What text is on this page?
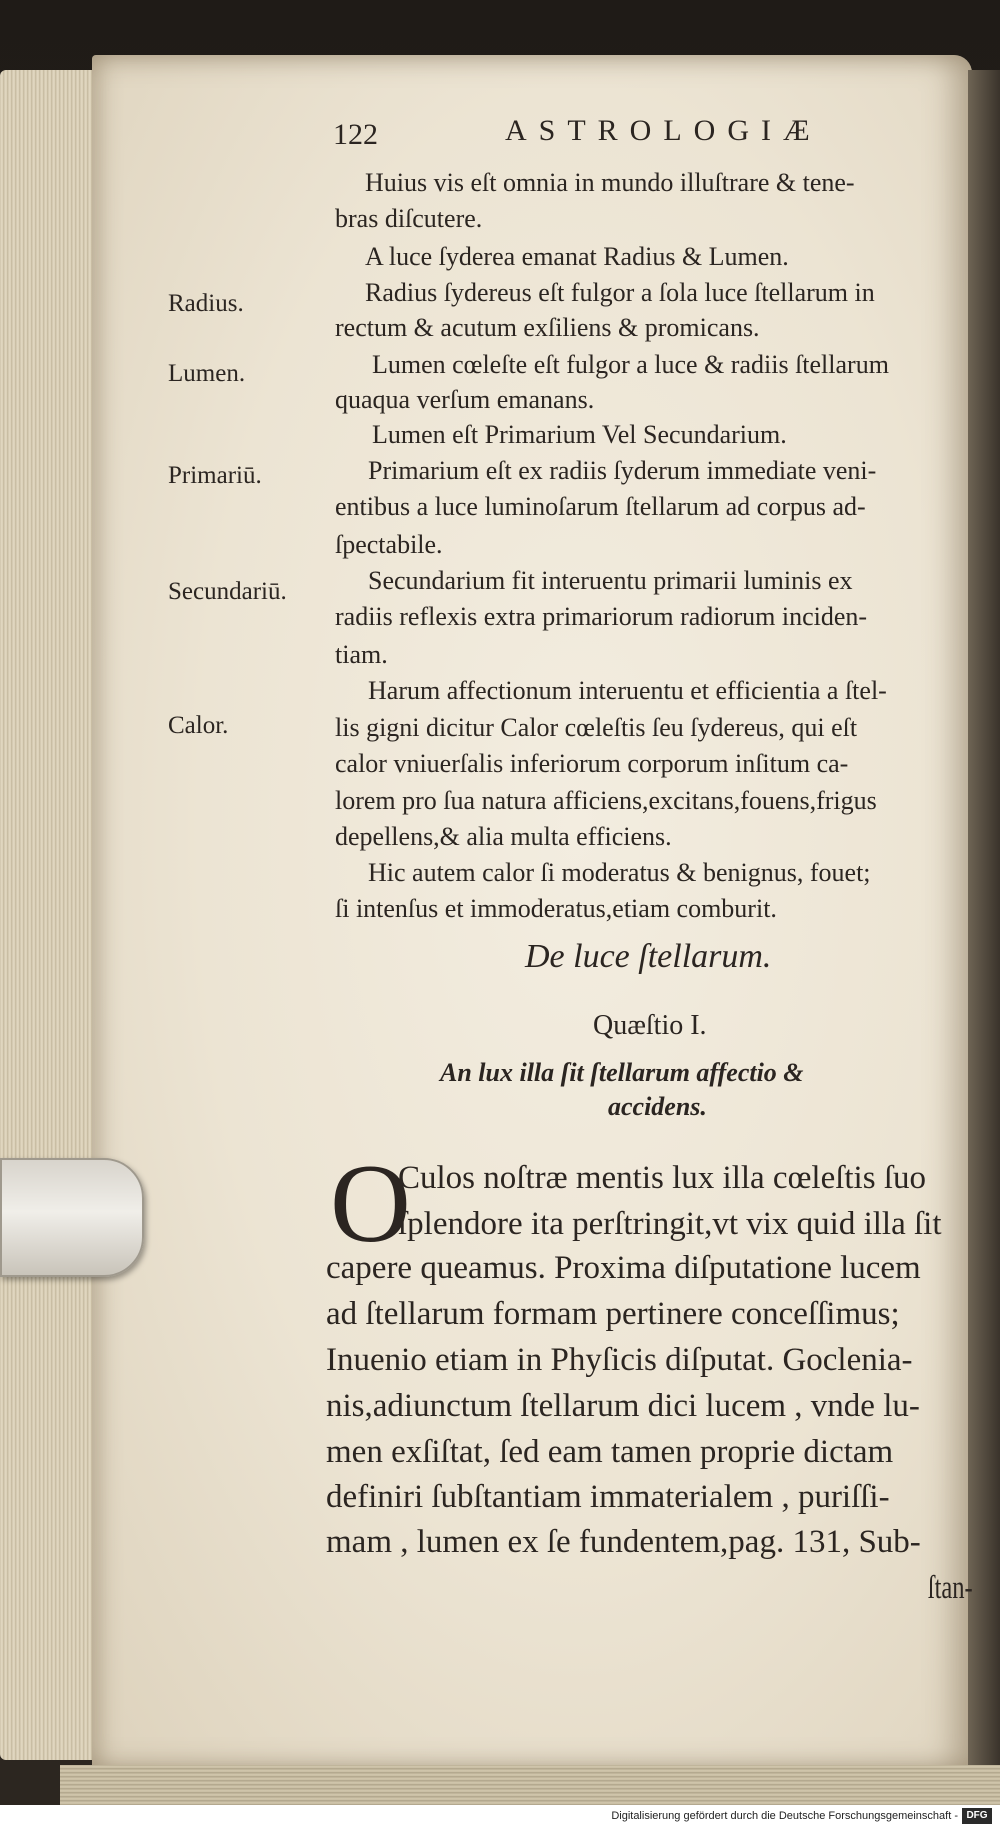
122	ASTROLOGIÆ
Huius vis eſt omnia in mundo illuſtrare & tene-
bras diſcutere.
A luce ſyderea emanat Radius & Lumen.
Radius ſydereus eſt fulgor a ſola luce ſtellarum in
rectum & acutum exſiliens & promicans.
Lumen cœleſte eſt fulgor a luce & radiis ſtellarum
quaqua verſum emanans.
Lumen eſt Primarium Vel Secundarium.
Primarium eſt ex radiis ſyderum immediate veni-
entibus a luce luminoſarum ſtellarum ad corpus ad-
ſpectabile.
Secundarium fit interuentu primarii luminis ex
radiis reflexis extra primariorum radiorum inciden-
tiam.
Harum affectionum interuentu et efficientia a ſtel-
lis gigni dicitur Calor cœleſtis ſeu ſydereus, qui eſt
calor vniuerſalis inferiorum corporum inſitum ca-
lorem pro ſua natura afficiens,excitans,fouens,frigus
depellens,& alia multa efficiens.
Hic autem calor ſi moderatus & benignus, fouet;
ſi intenſus et immoderatus,etiam comburit.
Radius.
Lumen.
Primariū.
Secundariū.
Calor.
De luce ſtellarum.
Quæſtio I.
An lux illa ſit ſtellarum affectio &
accidens.
O
Culos noſtræ mentis lux illa cœleſtis ſuo
ſplendore ita perſtringit,vt vix quid illa ſit
capere queamus. Proxima diſputatione lucem
ad ſtellarum formam pertinere conceſſimus;
Inuenio etiam in Phyſicis diſputat. Goclenia-
nis,adiunctum ſtellarum dici lucem , vnde lu-
men exſiſtat, ſed eam tamen proprie dictam
definiri ſubſtantiam immaterialem , puriſſi-
mam , lumen ex ſe fundentem,pag. 131, Sub-
ſtan-
Digitalisierung gefördert durch die Deutsche Forschungsgemeinschaft - DFG
